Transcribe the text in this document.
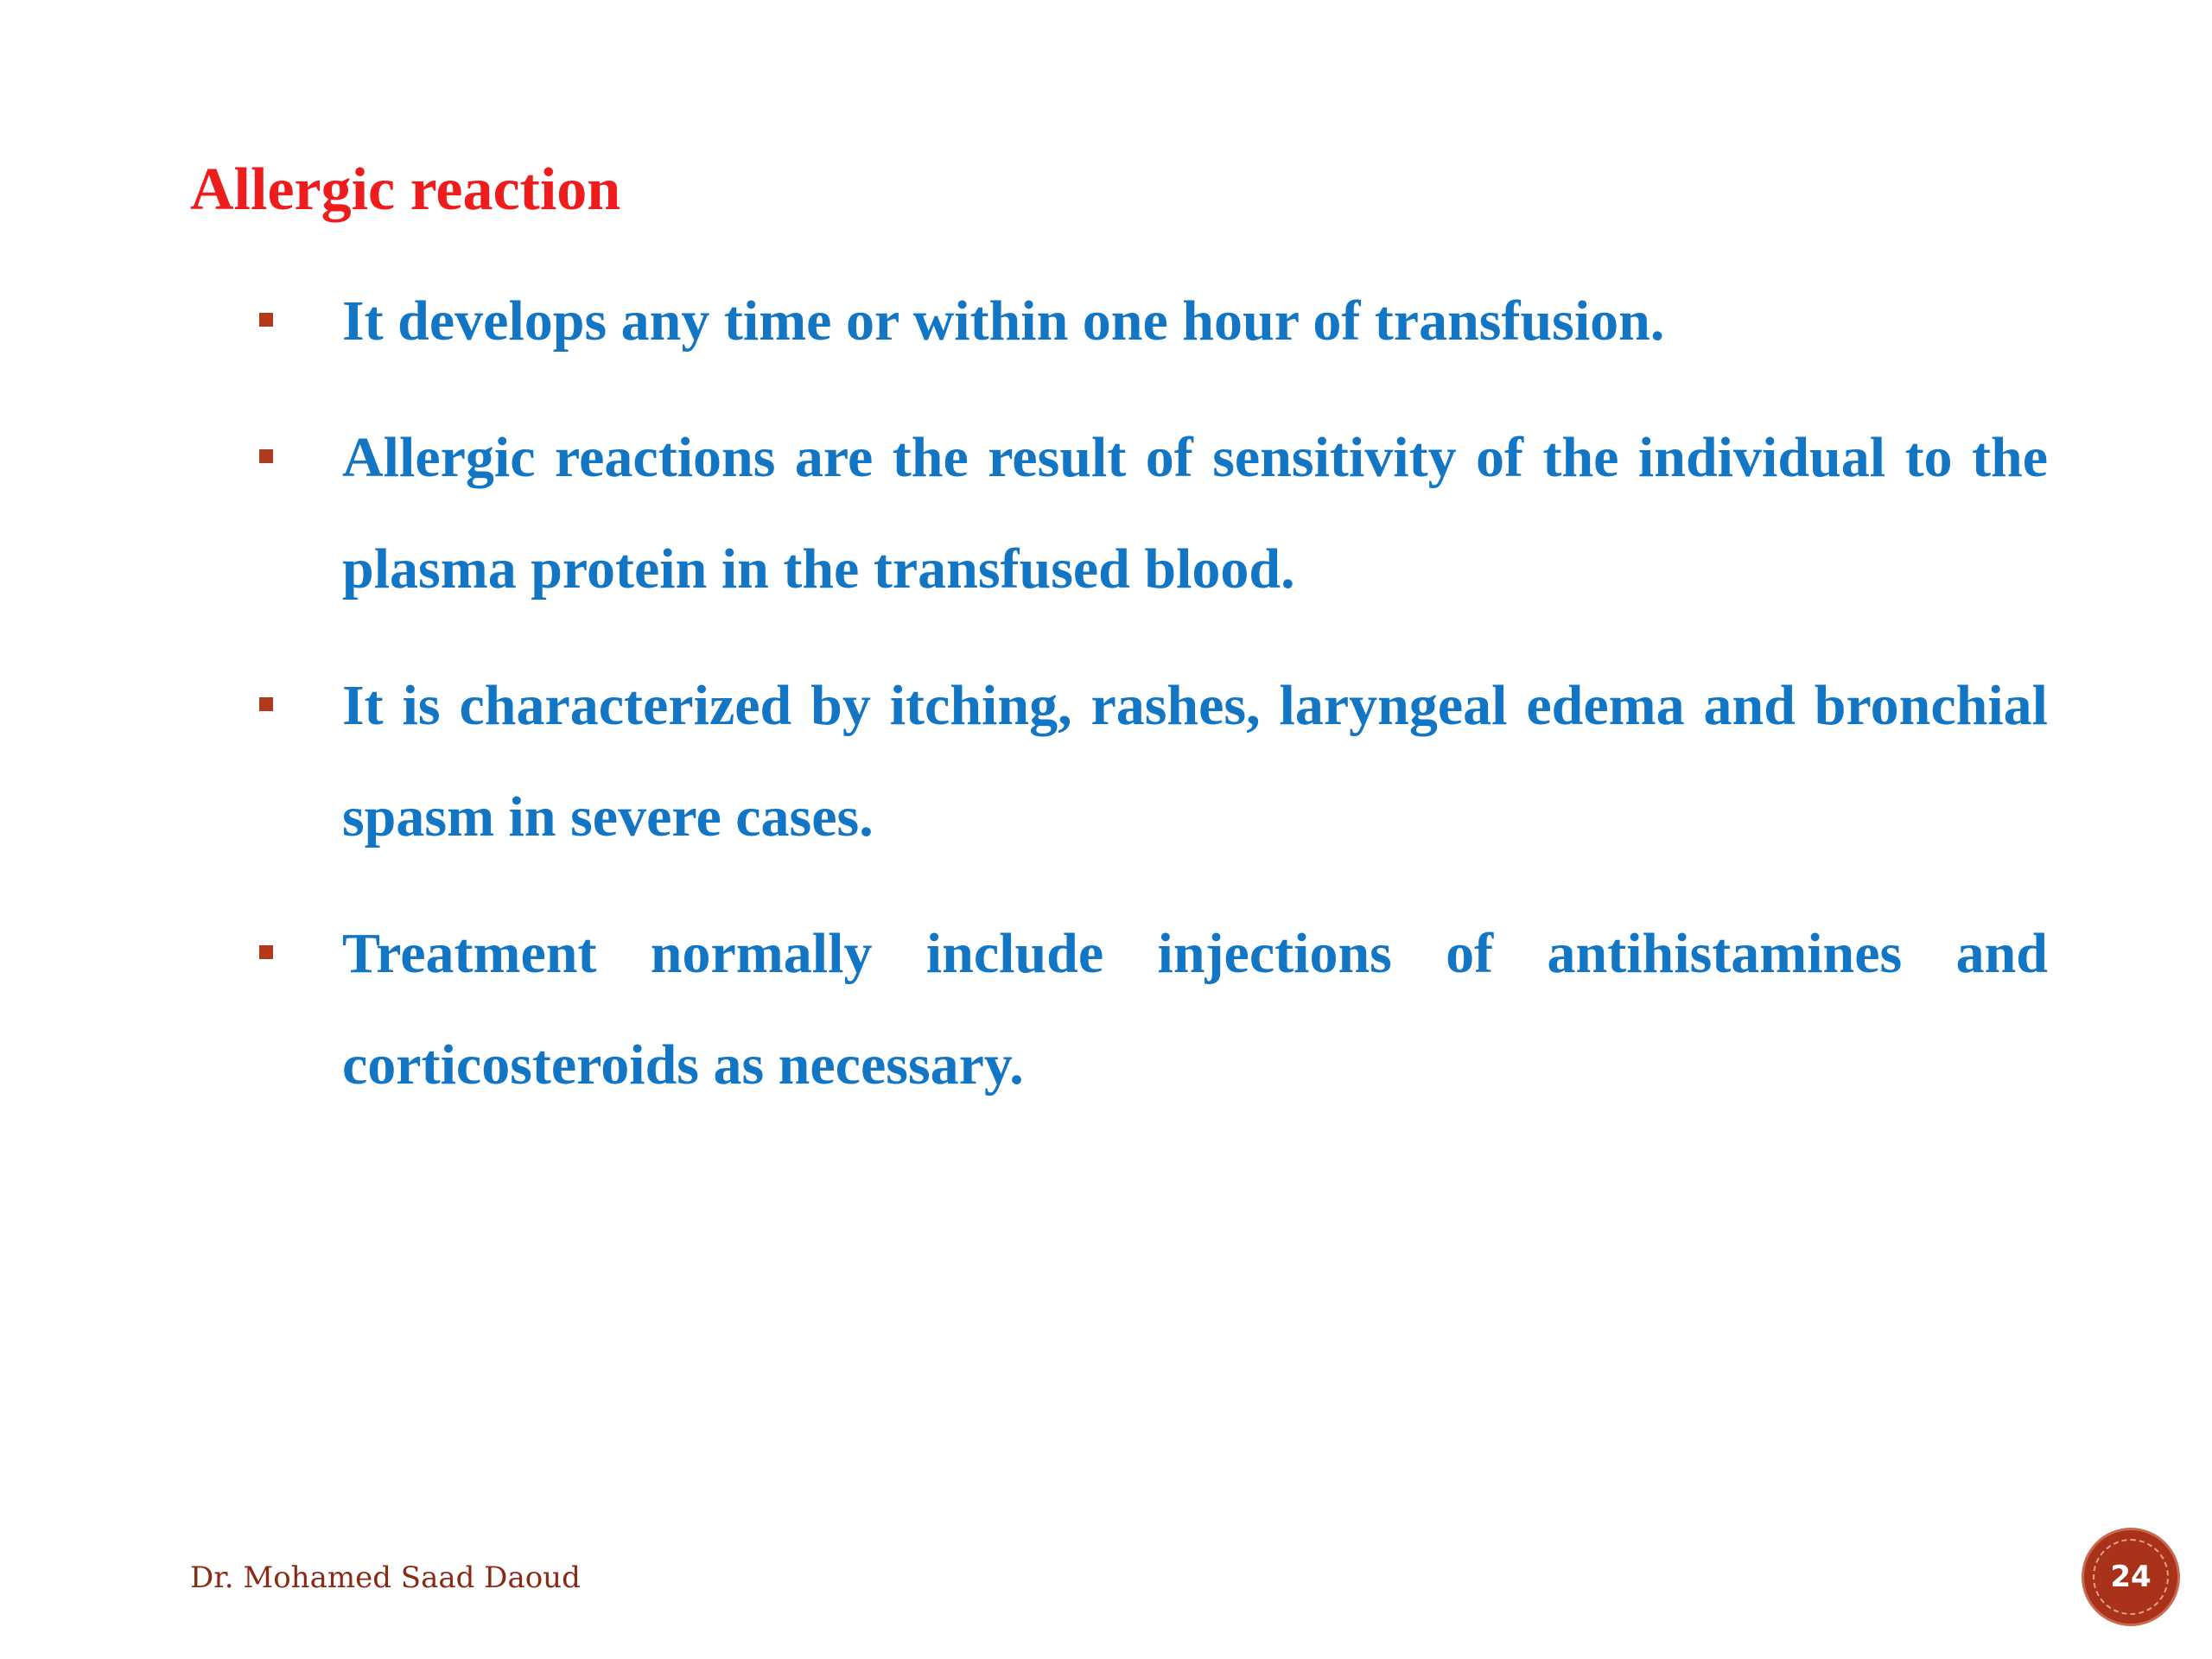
Allergic reaction
It develops any time or within one hour of transfusion.
Allergic reactions are the result of sensitivity of the individual to the plasma protein in the transfused blood.
It is characterized by itching, rashes, laryngeal edema and bronchial spasm in severe cases.
Treatment normally include injections of antihistamines and corticosteroids as necessary.
Dr. Mohamed Saad Daoud	24
